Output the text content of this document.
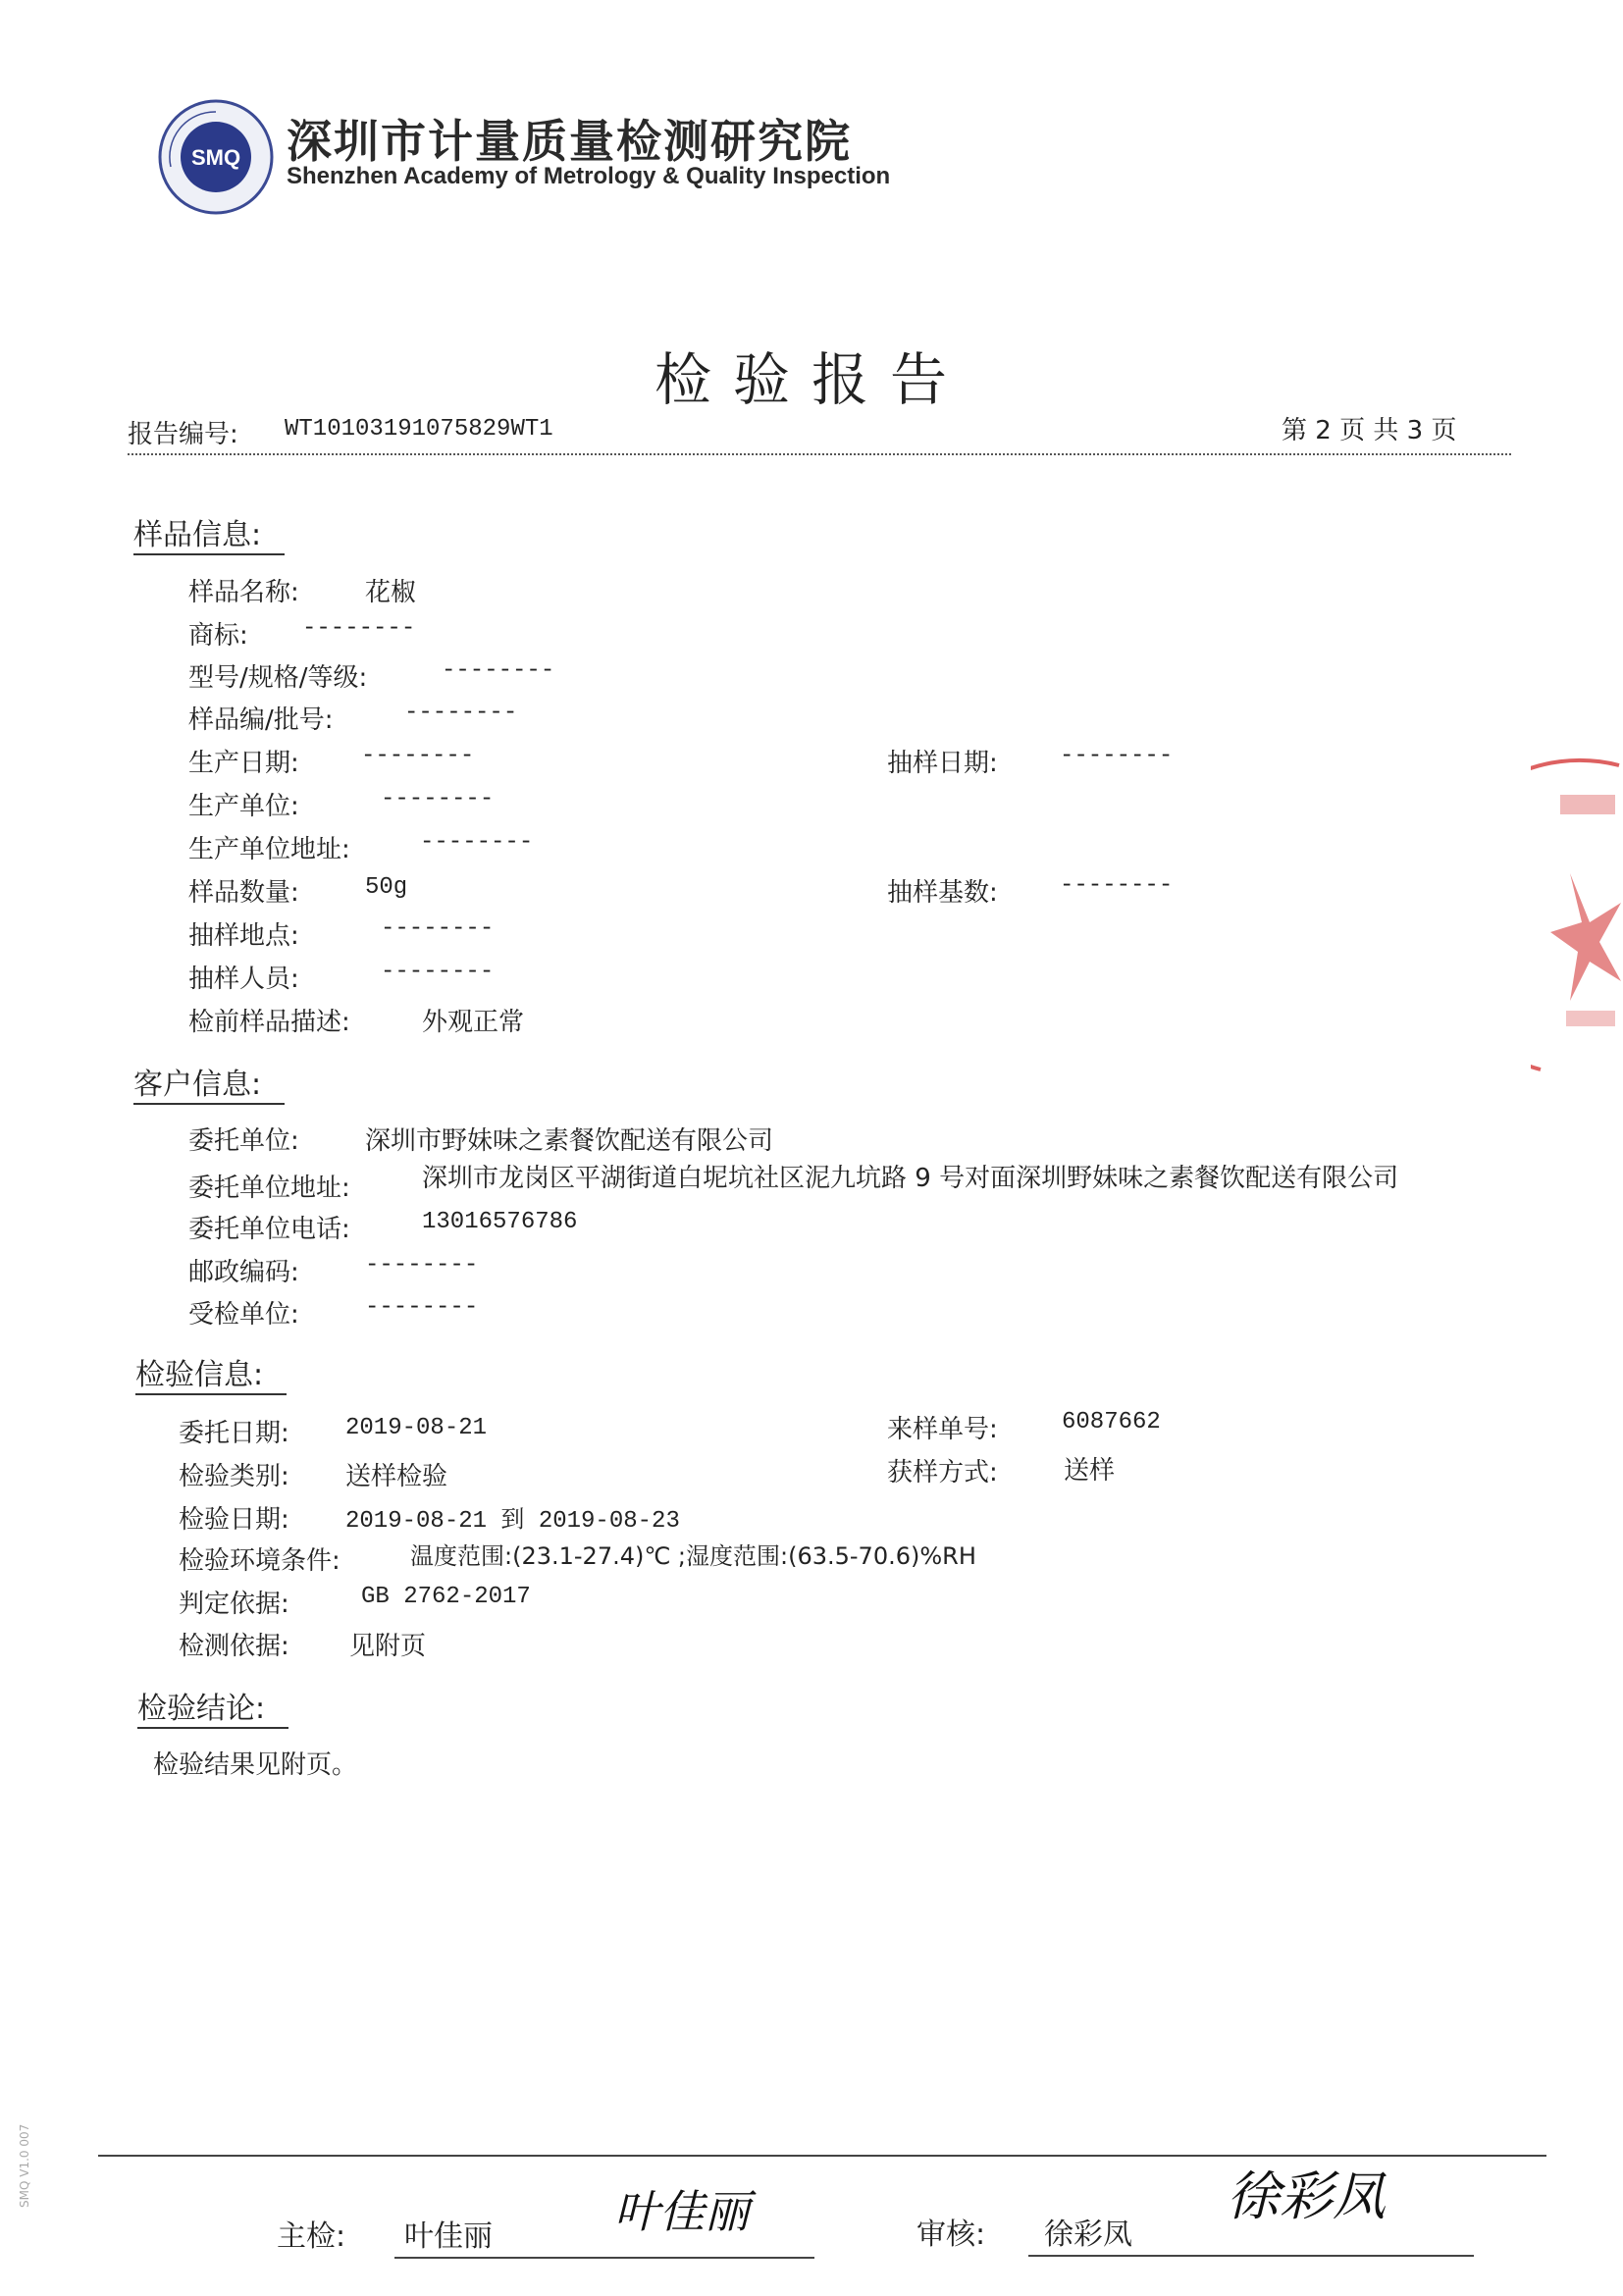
SMQ 深圳市计量质量检测研究院
Shenzhen Academy of Metrology & Quality Inspection
检验报告
报告编号: WT10103191075829WT1	第 2 页 共 3 页
样品信息:
样品名称:	花椒
商标: --------
型号/规格/等级:	--------
样品编/批号:	--------
生产日期:	--------	抽样日期:	--------
生产单位:	--------
生产单位地址:	--------
样品数量:	50g	抽样基数:	--------
抽样地点:	--------
抽样人员:	--------
检前样品描述:	外观正常
客户信息:
委托单位:	深圳市野妹味之素餐饮配送有限公司
委托单位地址:	深圳市龙岗区平湖街道白坭坑社区泥九坑路 9 号对面深圳野妹味之素餐饮配送有限公司
委托单位电话:	13016576786
邮政编码:	--------
受检单位:	--------
检验信息:
委托日期: 2019-08-21	来样单号:	6087662
检验类别: 送样检验	获样方式:	送样
检验日期: 2019-08-21 到 2019-08-23
检验环境条件:	温度范围:(23.1-27.4)℃ ;湿度范围:(63.5-70.6)%RH
判定依据:	GB 2762-2017
检测依据: 见附页
检验结论:
检验结果见附页。
主检: 叶佳丽	叶佳丽	审核: 徐彩凤
徐彩凤
SMQ V1.0 007
